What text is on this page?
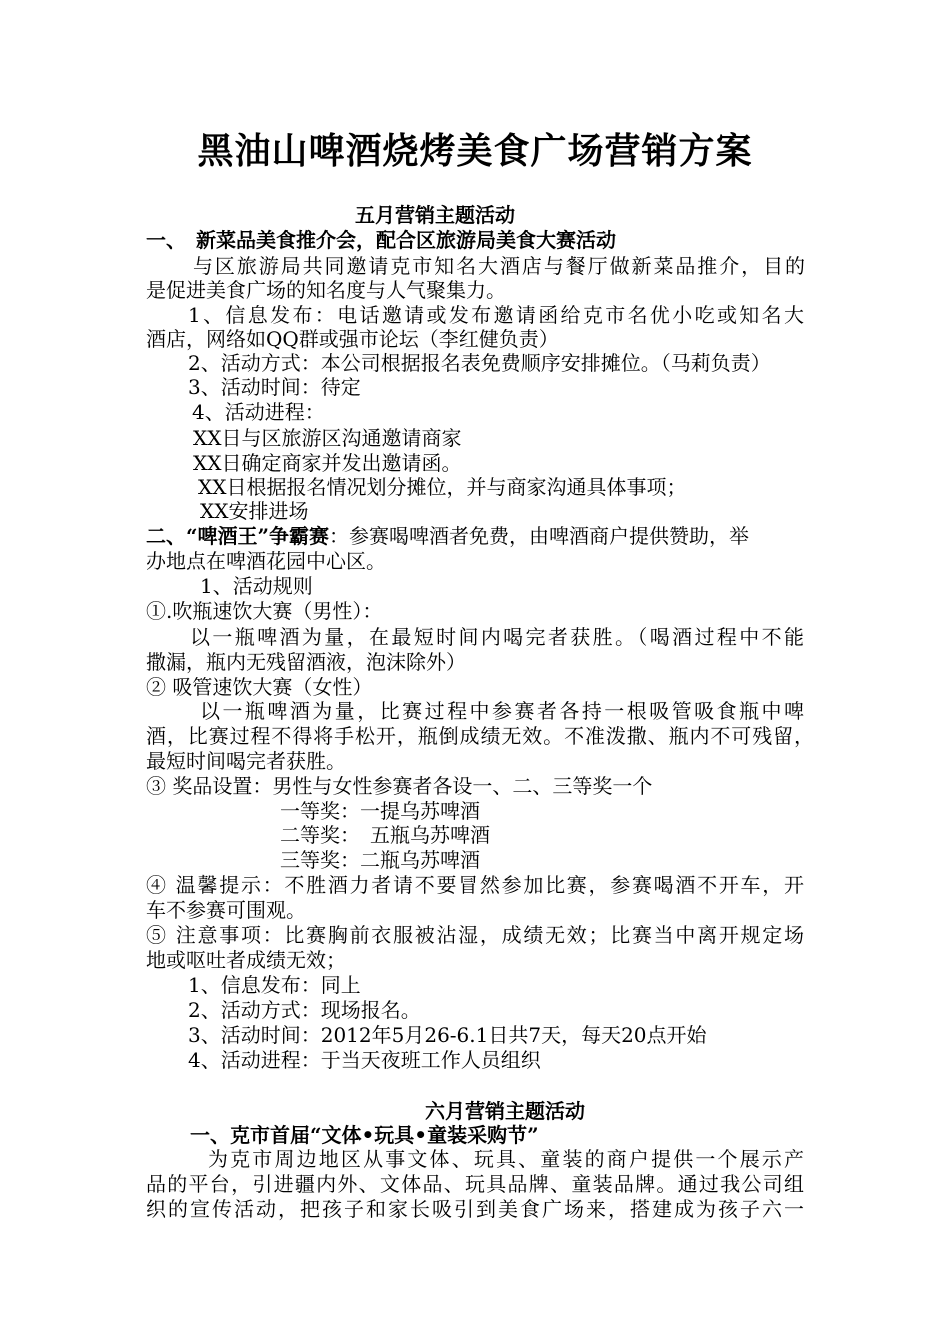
黑油山啤酒烧烤美食广场营销方案
五月营销主题活动
一、　新菜品美食推介会，配合区旅游局美食大赛活动
与区旅游局共同邀请克市知名大酒店与餐厅做新菜品推介，目的
是促进美食广场的知名度与人气聚集力。
1、信息发布：电话邀请或发布邀请函给克市名优小吃或知名大
酒店，网络如QQ群或强市论坛（李红健负责）
2、活动方式：本公司根据报名表免费顺序安排摊位。（马莉负责）
3、活动时间：待定
4、活动进程：
XX日与区旅游区沟通邀请商家
XX日确定商家并发出邀请函。
XX日根据报名情况划分摊位，并与商家沟通具体事项；
XX安排进场
二、“啤酒王”争霸赛：参赛喝啤酒者免费，由啤酒商户提供赞助，举
办地点在啤酒花园中心区。
1、活动规则
①.吹瓶速饮大赛（男性）：
以一瓶啤酒为量，在最短时间内喝完者获胜。（喝酒过程中不能
撒漏，瓶内无残留酒液，泡沫除外）
② 吸管速饮大赛（女性）
以一瓶啤酒为量，比赛过程中参赛者各持一根吸管吸食瓶中啤
酒，比赛过程不得将手松开，瓶倒成绩无效。不准泼撒、瓶内不可残留，
最短时间喝完者获胜。
③ 奖品设置：男性与女性参赛者各设一、二、三等奖一个
一等奖：一提乌苏啤酒
二等奖：　五瓶乌苏啤酒
三等奖：二瓶乌苏啤酒
④ 温馨提示：不胜酒力者请不要冒然参加比赛，参赛喝酒不开车，开
车不参赛可围观。
⑤ 注意事项：比赛胸前衣服被沾湿，成绩无效；比赛当中离开规定场
地或呕吐者成绩无效；
1、信息发布：同上
2、活动方式：现场报名。
3、活动时间：2012年5月26-6.1日共7天，每天20点开始
4、活动进程：于当天夜班工作人员组织
六月营销主题活动
一、克市首届“文体•玩具•童装采购节”
为克市周边地区从事文体、玩具、童装的商户提供一个展示产
品的平台，引进疆内外、文体品、玩具品牌、童装品牌。通过我公司组
织的宣传活动，把孩子和家长吸引到美食广场来，搭建成为孩子六一
